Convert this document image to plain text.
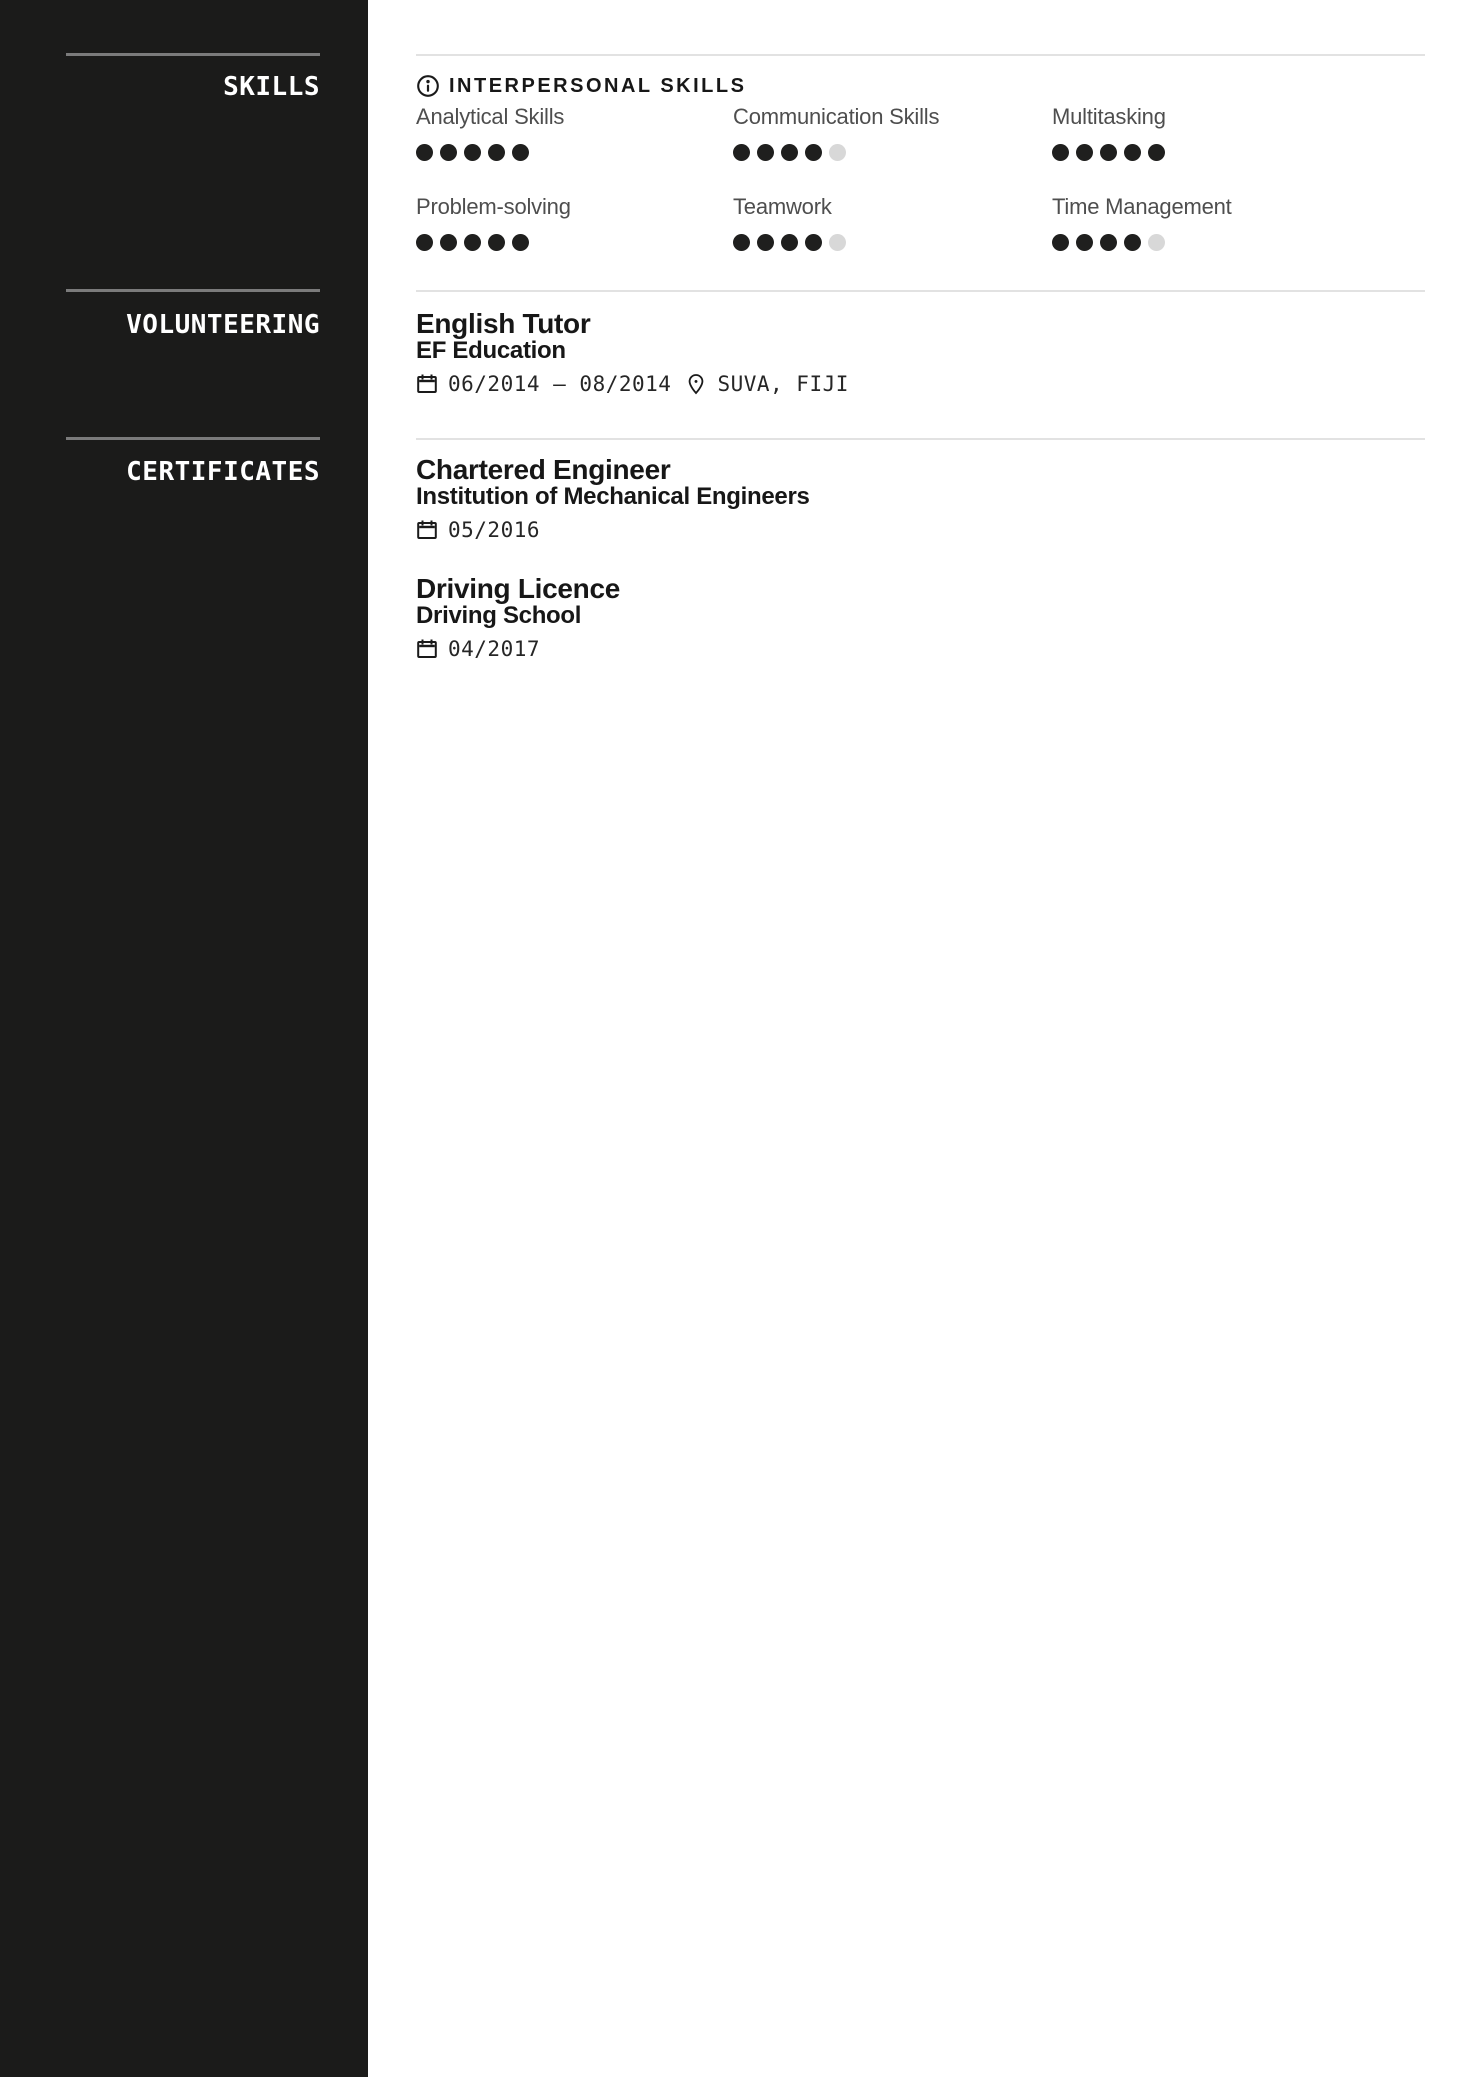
SKILLS
VOLUNTEERING
CERTIFICATES
INTERPERSONAL SKILLS
Analytical Skills	Communication Skills	Multitasking
Problem-solving	Teamwork	Time Management
English Tutor
EF Education
06/2014 – 08/2014 SUVA, FIJI
Chartered Engineer
Institution of Mechanical Engineers
05/2016
Driving Licence
Driving School
04/2017
